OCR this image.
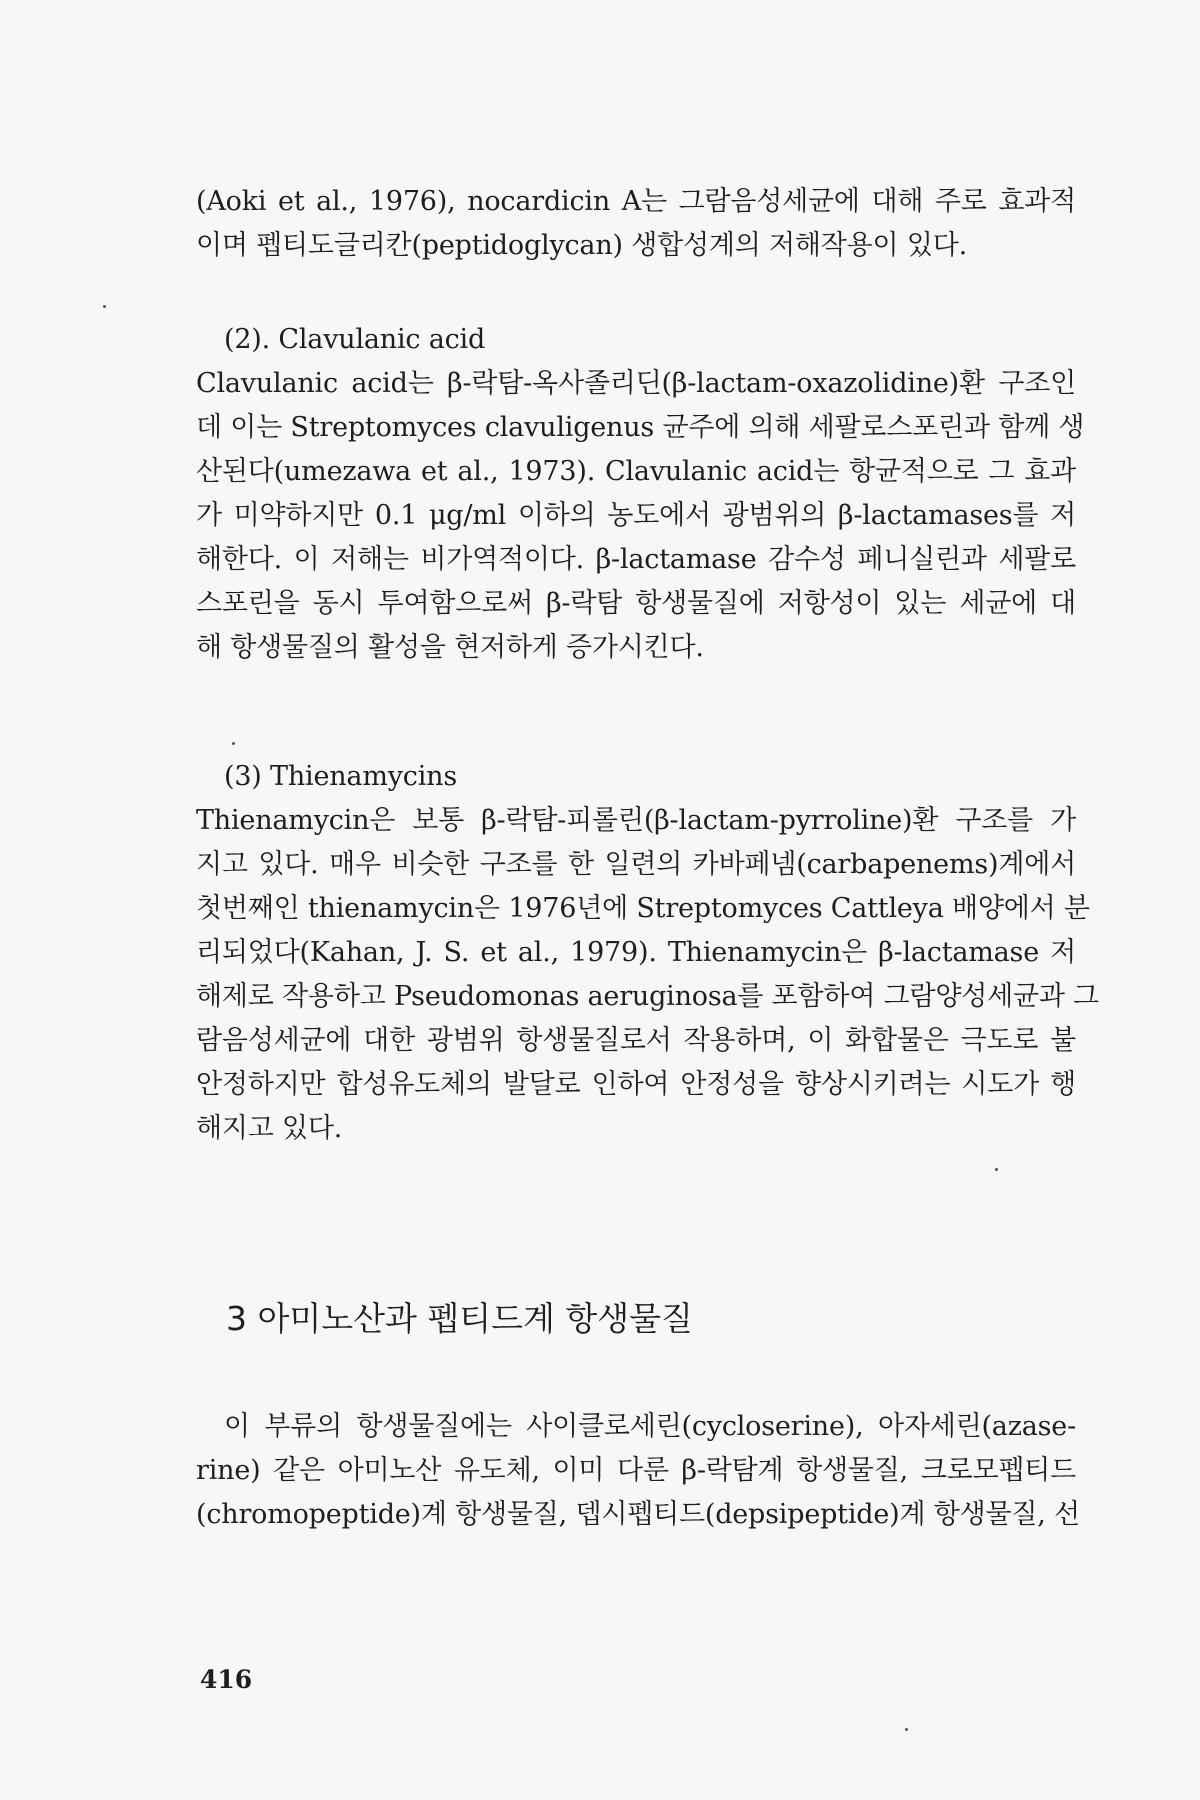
(Aoki et al., 1976), nocardicin A는 그람음성세균에 대해 주로 효과적
이며 펩티도글리칸(peptidoglycan) 생합성계의 저해작용이 있다.
(2). Clavulanic acid
Clavulanic acid는 β-락탐-옥사졸리딘(β-lactam-oxazolidine)환 구조인
데 이는 Streptomyces clavuligenus 균주에 의해 세팔로스포린과 함께 생
산된다(umezawa et al., 1973). Clavulanic acid는 항균적으로 그 효과
가 미약하지만 0.1 μg/ml 이하의 농도에서 광범위의 β-lactamases를 저
해한다. 이 저해는 비가역적이다. β-lactamase 감수성 페니실린과 세팔로
스포린을 동시 투여함으로써 β-락탐 항생물질에 저항성이 있는 세균에 대
해 항생물질의 활성을 현저하게 증가시킨다.
(3) Thienamycins
Thienamycin은 보통 β-락탐-피롤린(β-lactam-pyrroline)환 구조를 가
지고 있다. 매우 비슷한 구조를 한 일련의 카바페넴(carbapenems)계에서
첫번째인 thienamycin은 1976년에 Streptomyces Cattleya 배양에서 분
리되었다(Kahan, J. S. et al., 1979). Thienamycin은 β-lactamase 저
해제로 작용하고 Pseudomonas aeruginosa를 포함하여 그람양성세균과 그
람음성세균에 대한 광범위 항생물질로서 작용하며, 이 화합물은 극도로 불
안정하지만 합성유도체의 발달로 인하여 안정성을 향상시키려는 시도가 행
해지고 있다.
3 아미노산과 펩티드계 항생물질
이 부류의 항생물질에는 사이클로세린(cycloserine), 아자세린(azase-
rine) 같은 아미노산 유도체, 이미 다룬 β-락탐계 항생물질, 크로모펩티드
(chromopeptide)계 항생물질, 뎁시펩티드(depsipeptide)계 항생물질, 선
416
